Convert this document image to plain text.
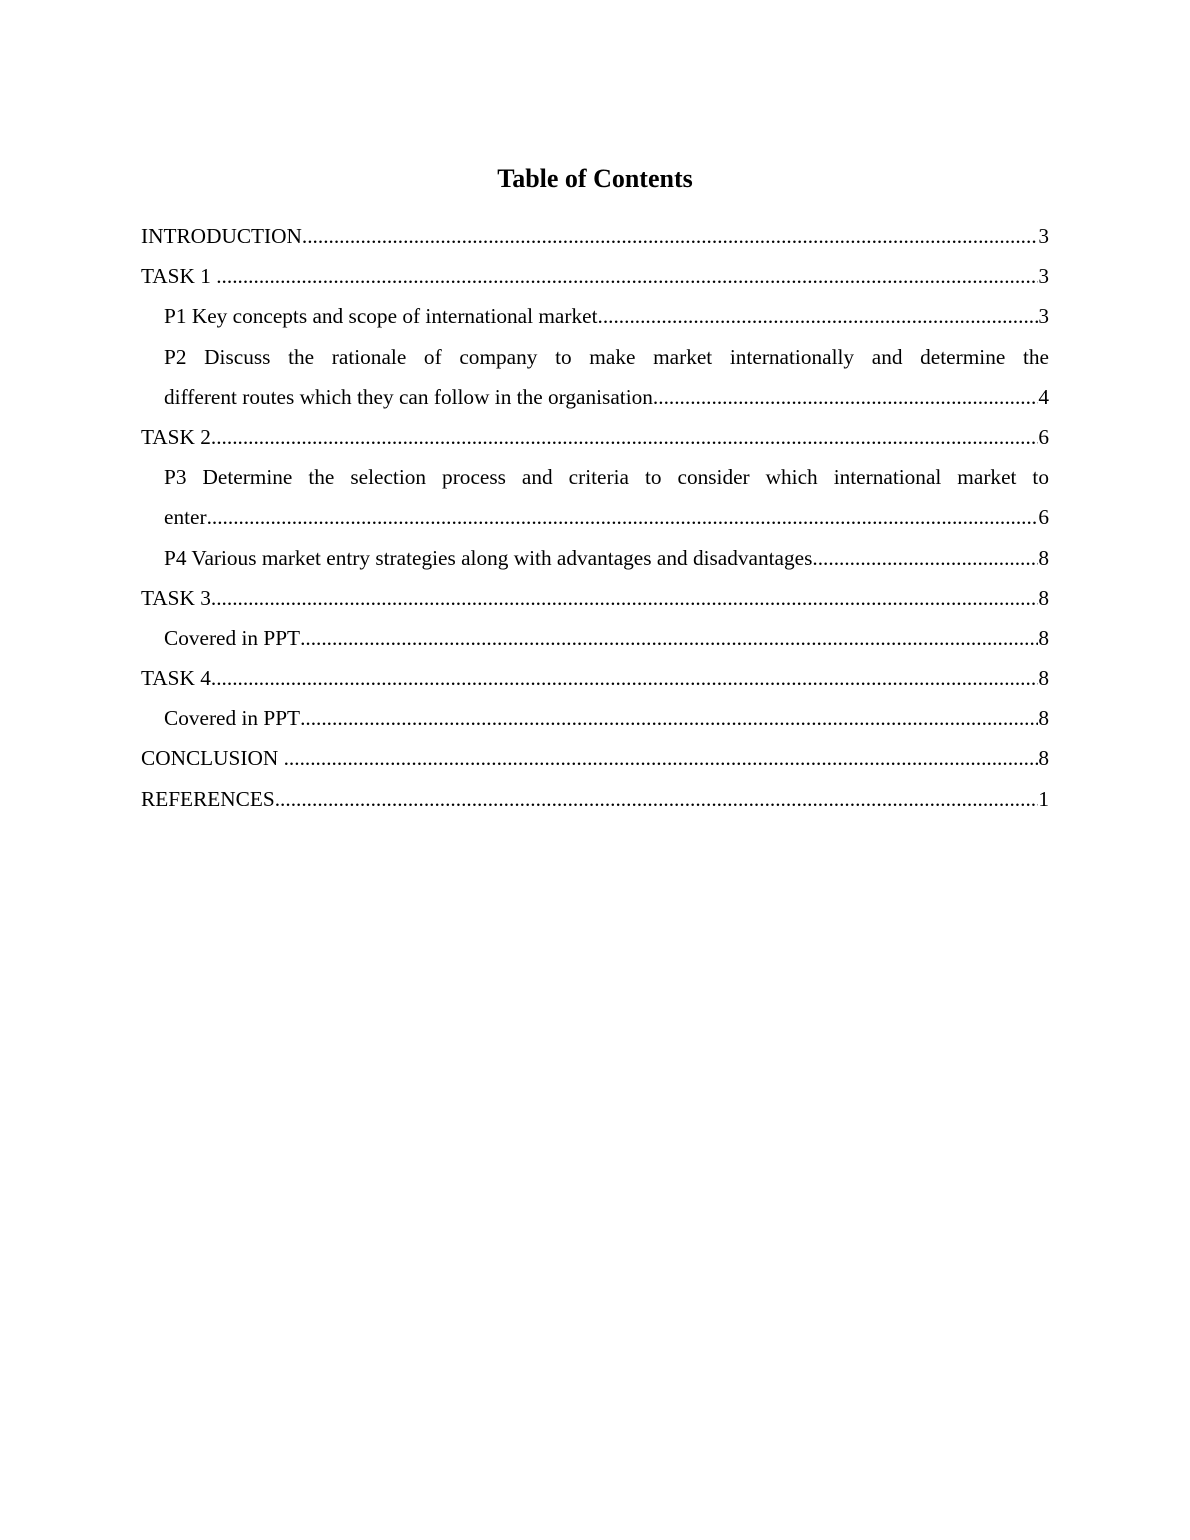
Table of Contents
INTRODUCTION .....	3
TASK 1 .....	3
P1 Key concepts and scope of international market .....	3
P2 Discuss the rationale of company to make market internationally and determine the
different routes which they can follow in the organisation .....	4
TASK 2 .....	6
P3 Determine the selection process and criteria to consider which international market to
enter .....	6
P4 Various market entry strategies along with advantages and disadvantages .....	8
TASK 3 .....	8
Covered in PPT .....	8
TASK 4 .....	8
Covered in PPT .....	8
CONCLUSION .....	8
REFERENCES .....	1
